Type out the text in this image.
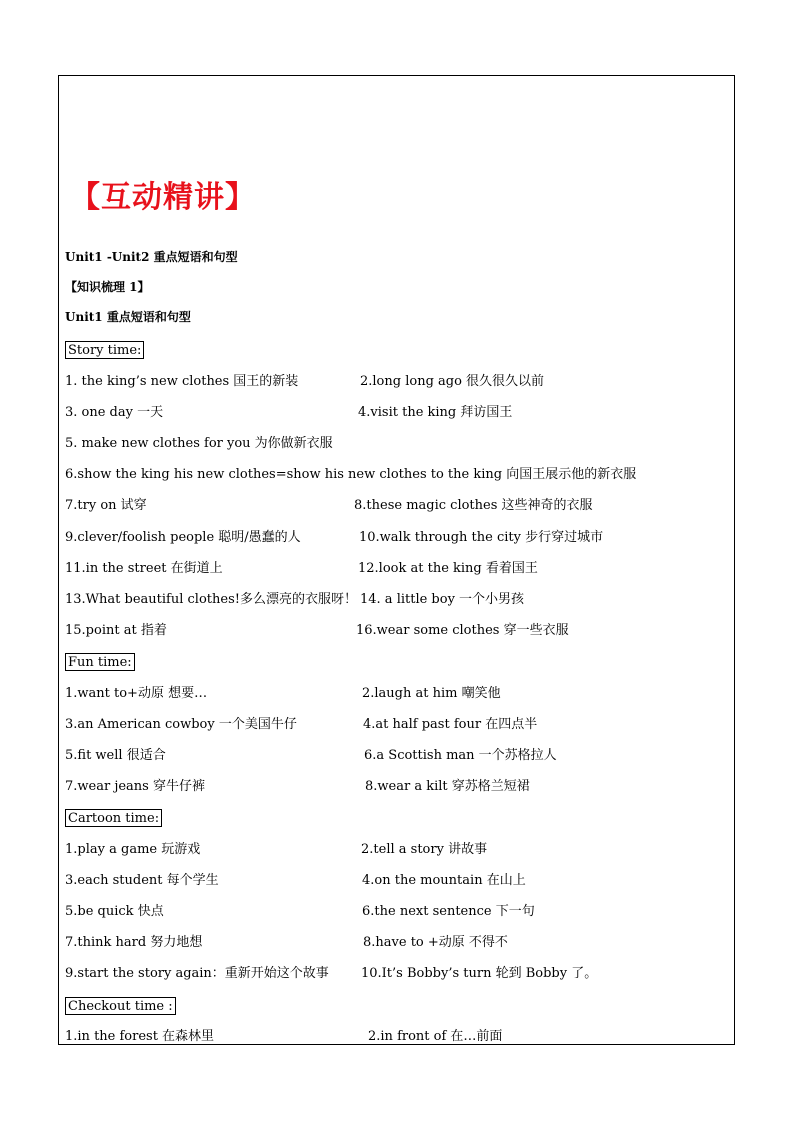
【互动精讲】
Unit1 -Unit2 重点短语和句型
【知识梳理 1】
Unit1 重点短语和句型
Story time:
1. the king’s new clothes 国王的新装	2.long long ago 很久很久以前
3. one day 一天	4.visit the king 拜访国王
5. make new clothes for you 为你做新衣服
6.show the king his new clothes=show his new clothes to the king 向国王展示他的新衣服
7.try on 试穿	8.these magic clothes 这些神奇的衣服
9.clever/foolish people 聪明/愚蠢的人	10.walk through the city 步行穿过城市
11.in the street 在街道上	12.look at the king 看着国王
13.What beautiful clothes!多么漂亮的衣服呀！ 14. a little boy 一个小男孩
15.point at 指着	16.wear some clothes 穿一些衣服
Fun time:
1.want to+动原 想要…	2.laugh at him 嘲笑他
3.an American cowboy 一个美国牛仔	4.at half past four 在四点半
5.fit well 很适合	6.a Scottish man 一个苏格拉人
7.wear jeans 穿牛仔裤	8.wear a kilt 穿苏格兰短裙
Cartoon time:
1.play a game 玩游戏	2.tell a story 讲故事
3.each student 每个学生	4.on the mountain 在山上
5.be quick 快点	6.the next sentence 下一句
7.think hard 努力地想	8.have to +动原 不得不
9.start the story again：重新开始这个故事 10.It’s Bobby’s turn 轮到 Bobby 了。
Checkout time :
1.in the forest 在森林里	2.in front of 在…前面
